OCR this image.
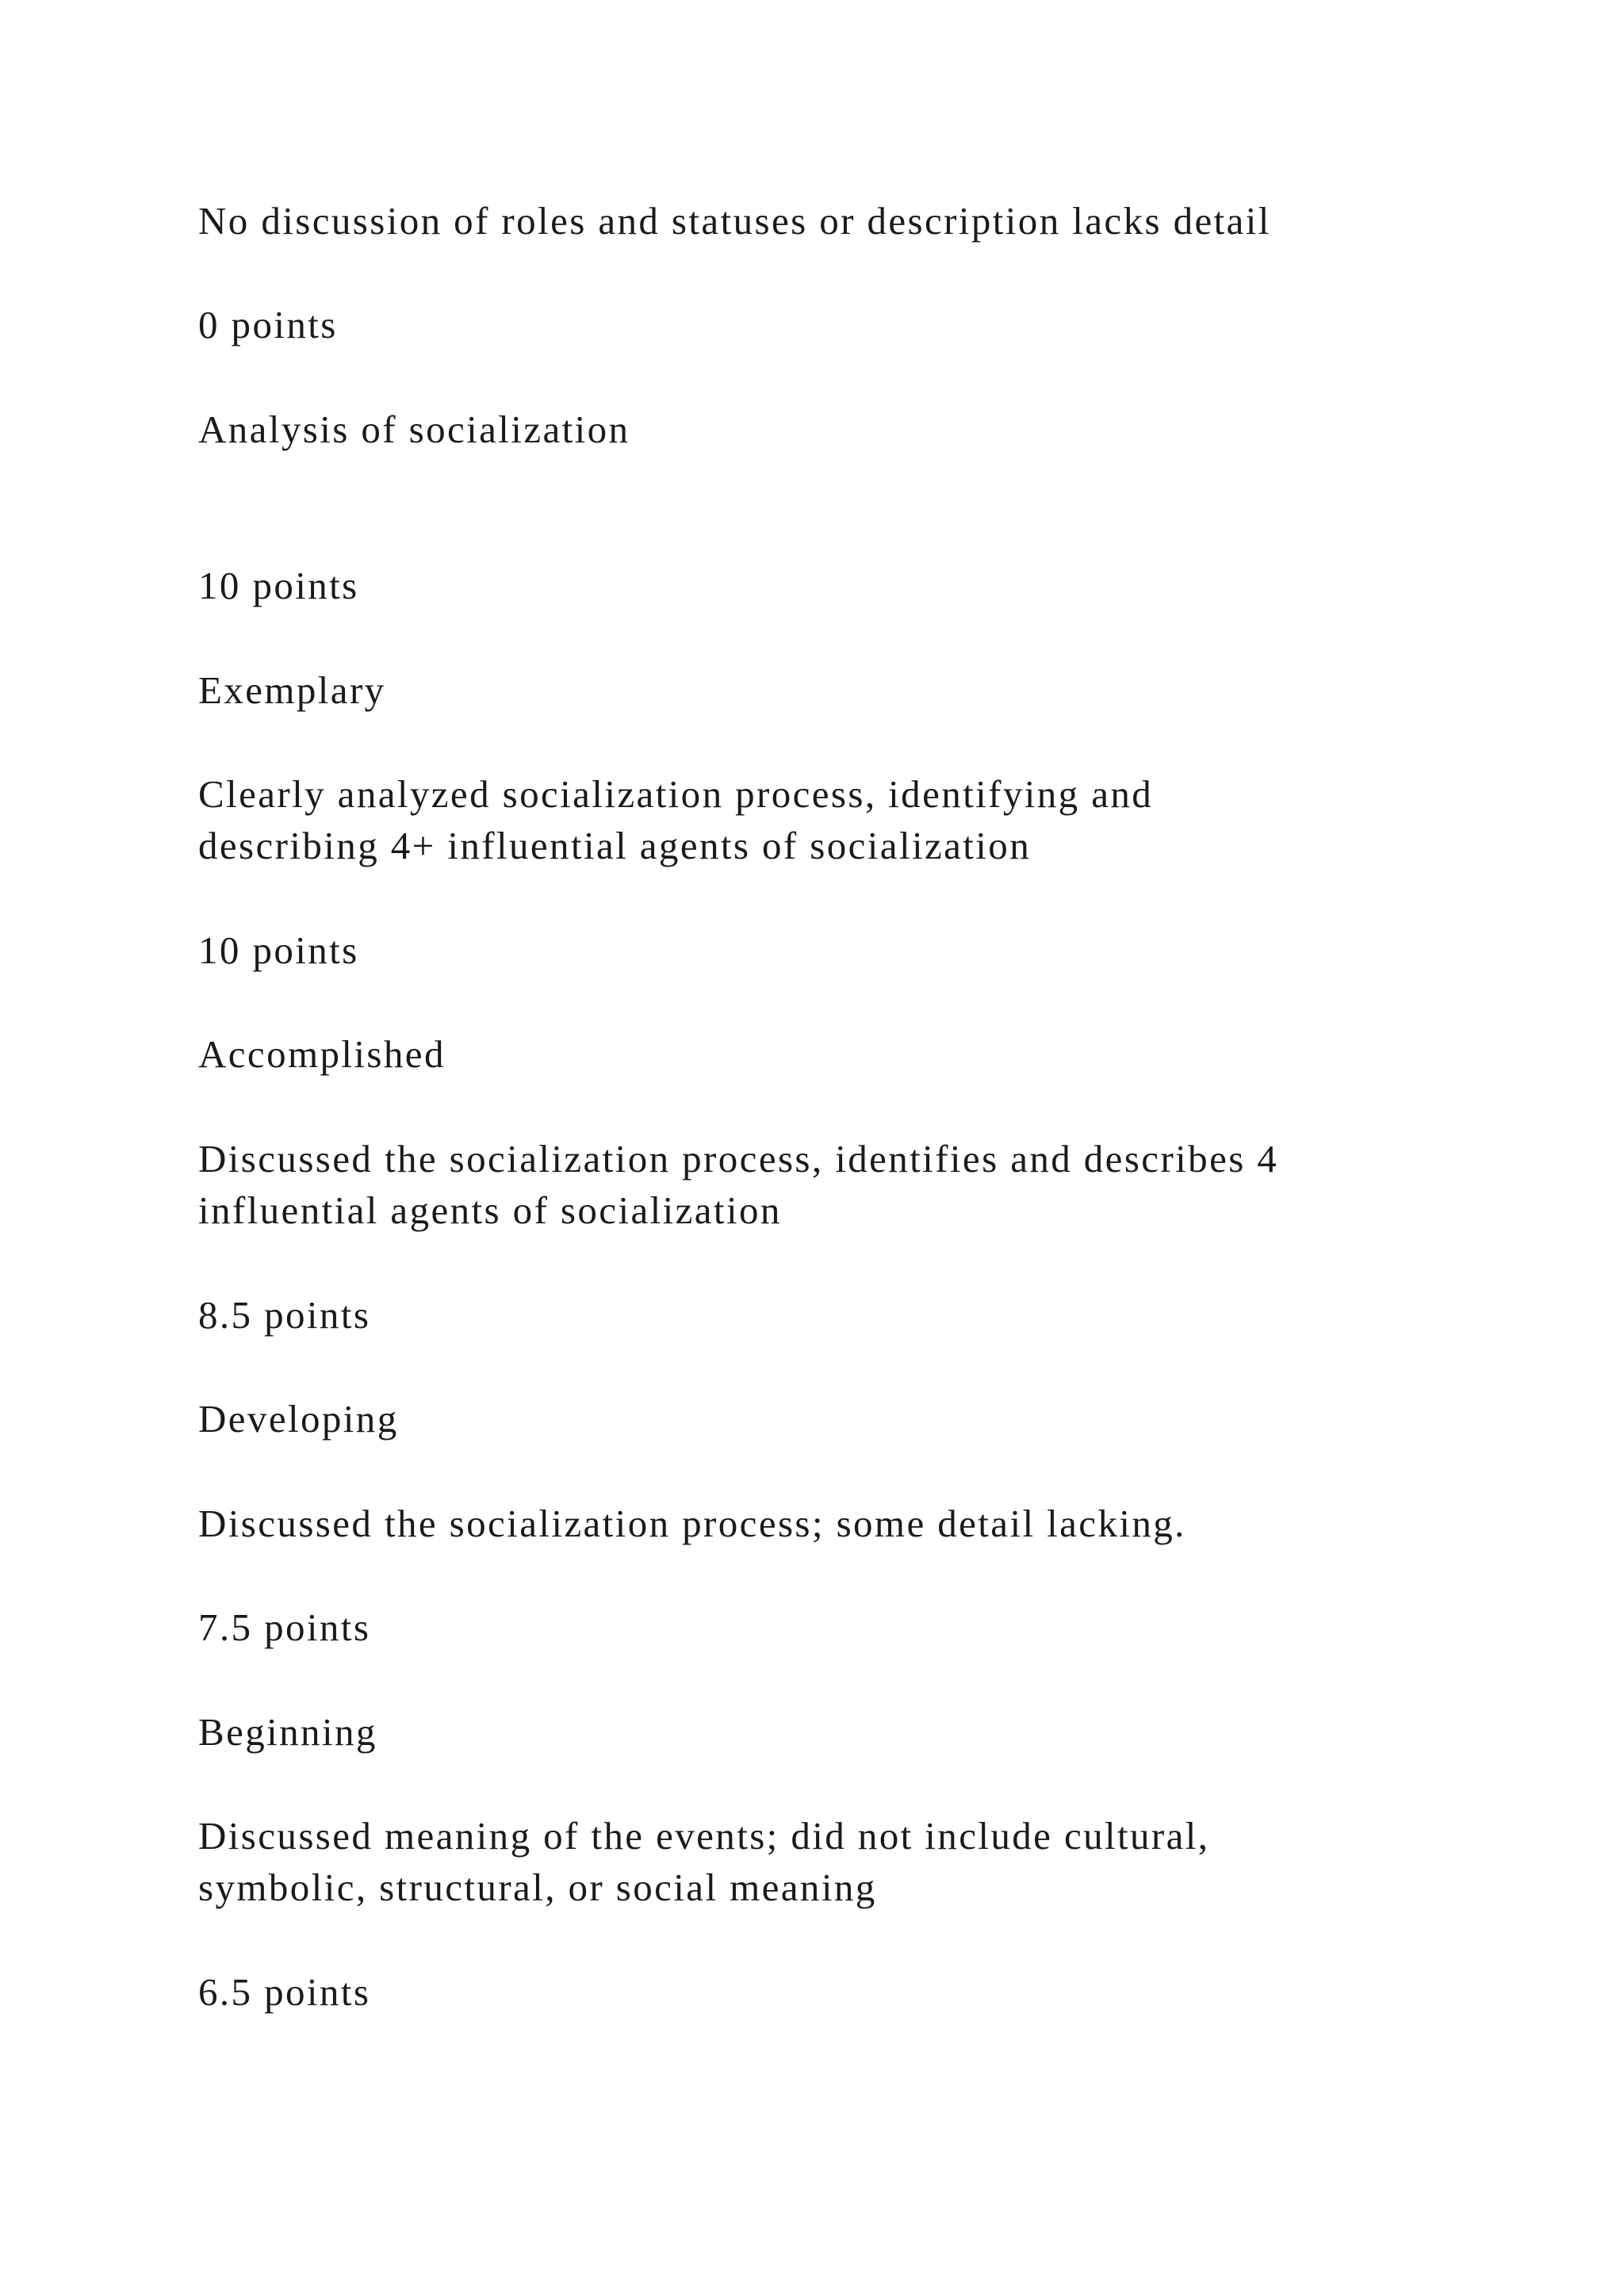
No discussion of roles and statuses or description lacks detail

0 points

Analysis of socialization

10 points

Exemplary

Clearly analyzed socialization process, identifying and

describing 4+ influential agents of socialization

10 points

Accomplished

Discussed the socialization process, identifies and describes 4

influential agents of socialization

8.5 points

Developing

Discussed the socialization process; some detail lacking.

7.5 points

Beginning

Discussed meaning of the events; did not include cultural,

symbolic, structural, or social meaning

6.5 points
